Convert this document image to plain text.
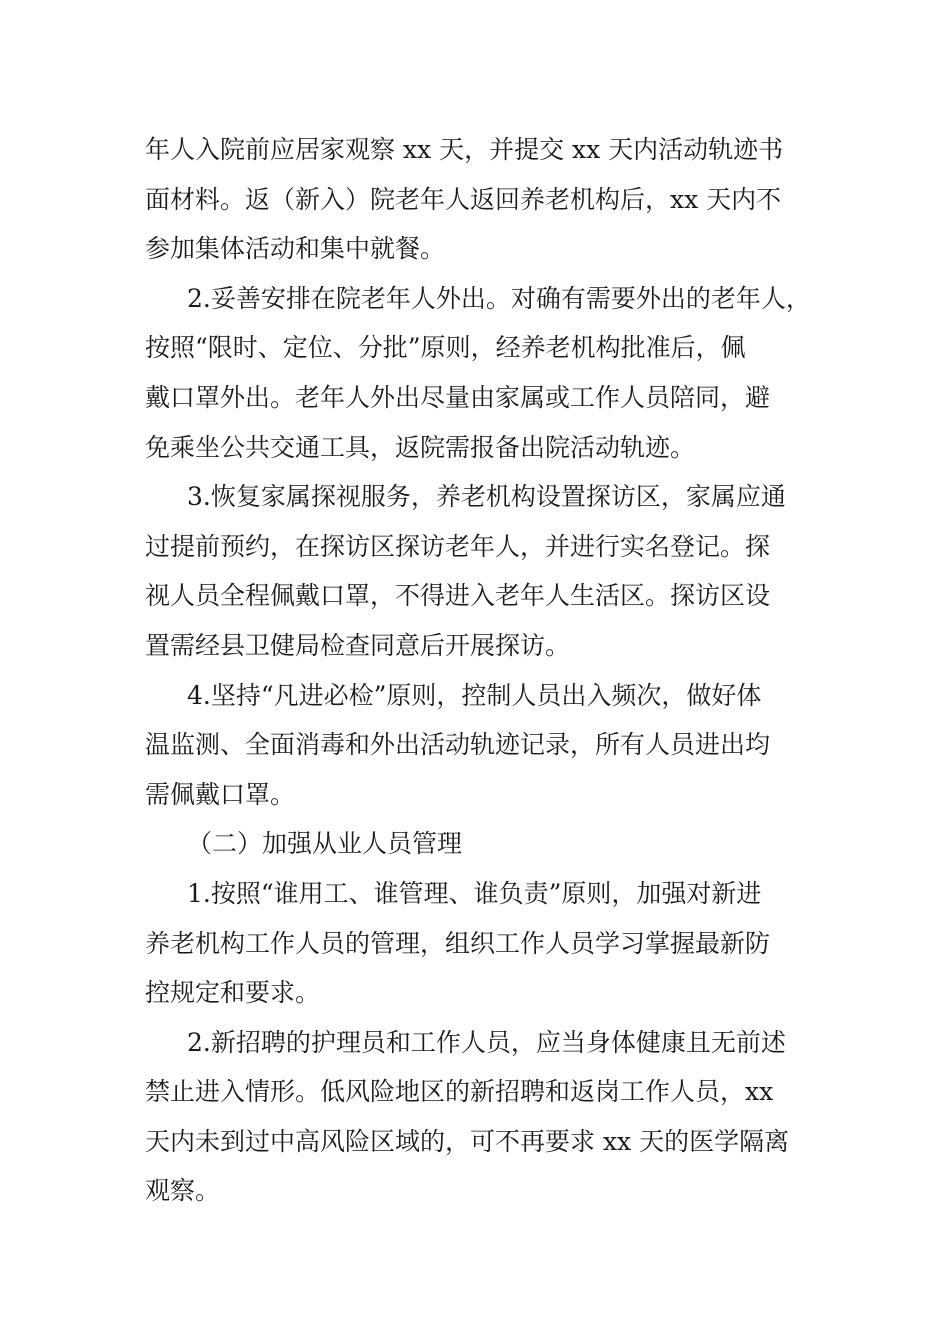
年人入院前应居家观察 xx 天，并提交 xx 天内活动轨迹书
面材料。返（新入）院老年人返回养老机构后，xx 天内不
参加集体活动和集中就餐。
2.妥善安排在院老年人外出。对确有需要外出的老年人，
按照“限时、定位、分批”原则，经养老机构批准后，佩
戴口罩外出。老年人外出尽量由家属或工作人员陪同，避
免乘坐公共交通工具，返院需报备出院活动轨迹。
3.恢复家属探视服务，养老机构设置探访区，家属应通
过提前预约，在探访区探访老年人，并进行实名登记。探
视人员全程佩戴口罩，不得进入老年人生活区。探访区设
置需经县卫健局检查同意后开展探访。
4.坚持“凡进必检”原则，控制人员出入频次，做好体
温监测、全面消毒和外出活动轨迹记录，所有人员进出均
需佩戴口罩。
（二）加强从业人员管理
1.按照“谁用工、谁管理、谁负责”原则，加强对新进
养老机构工作人员的管理，组织工作人员学习掌握最新防
控规定和要求。
2.新招聘的护理员和工作人员，应当身体健康且无前述
禁止进入情形。低风险地区的新招聘和返岗工作人员，xx
天内未到过中高风险区域的，可不再要求 xx 天的医学隔离
观察。
